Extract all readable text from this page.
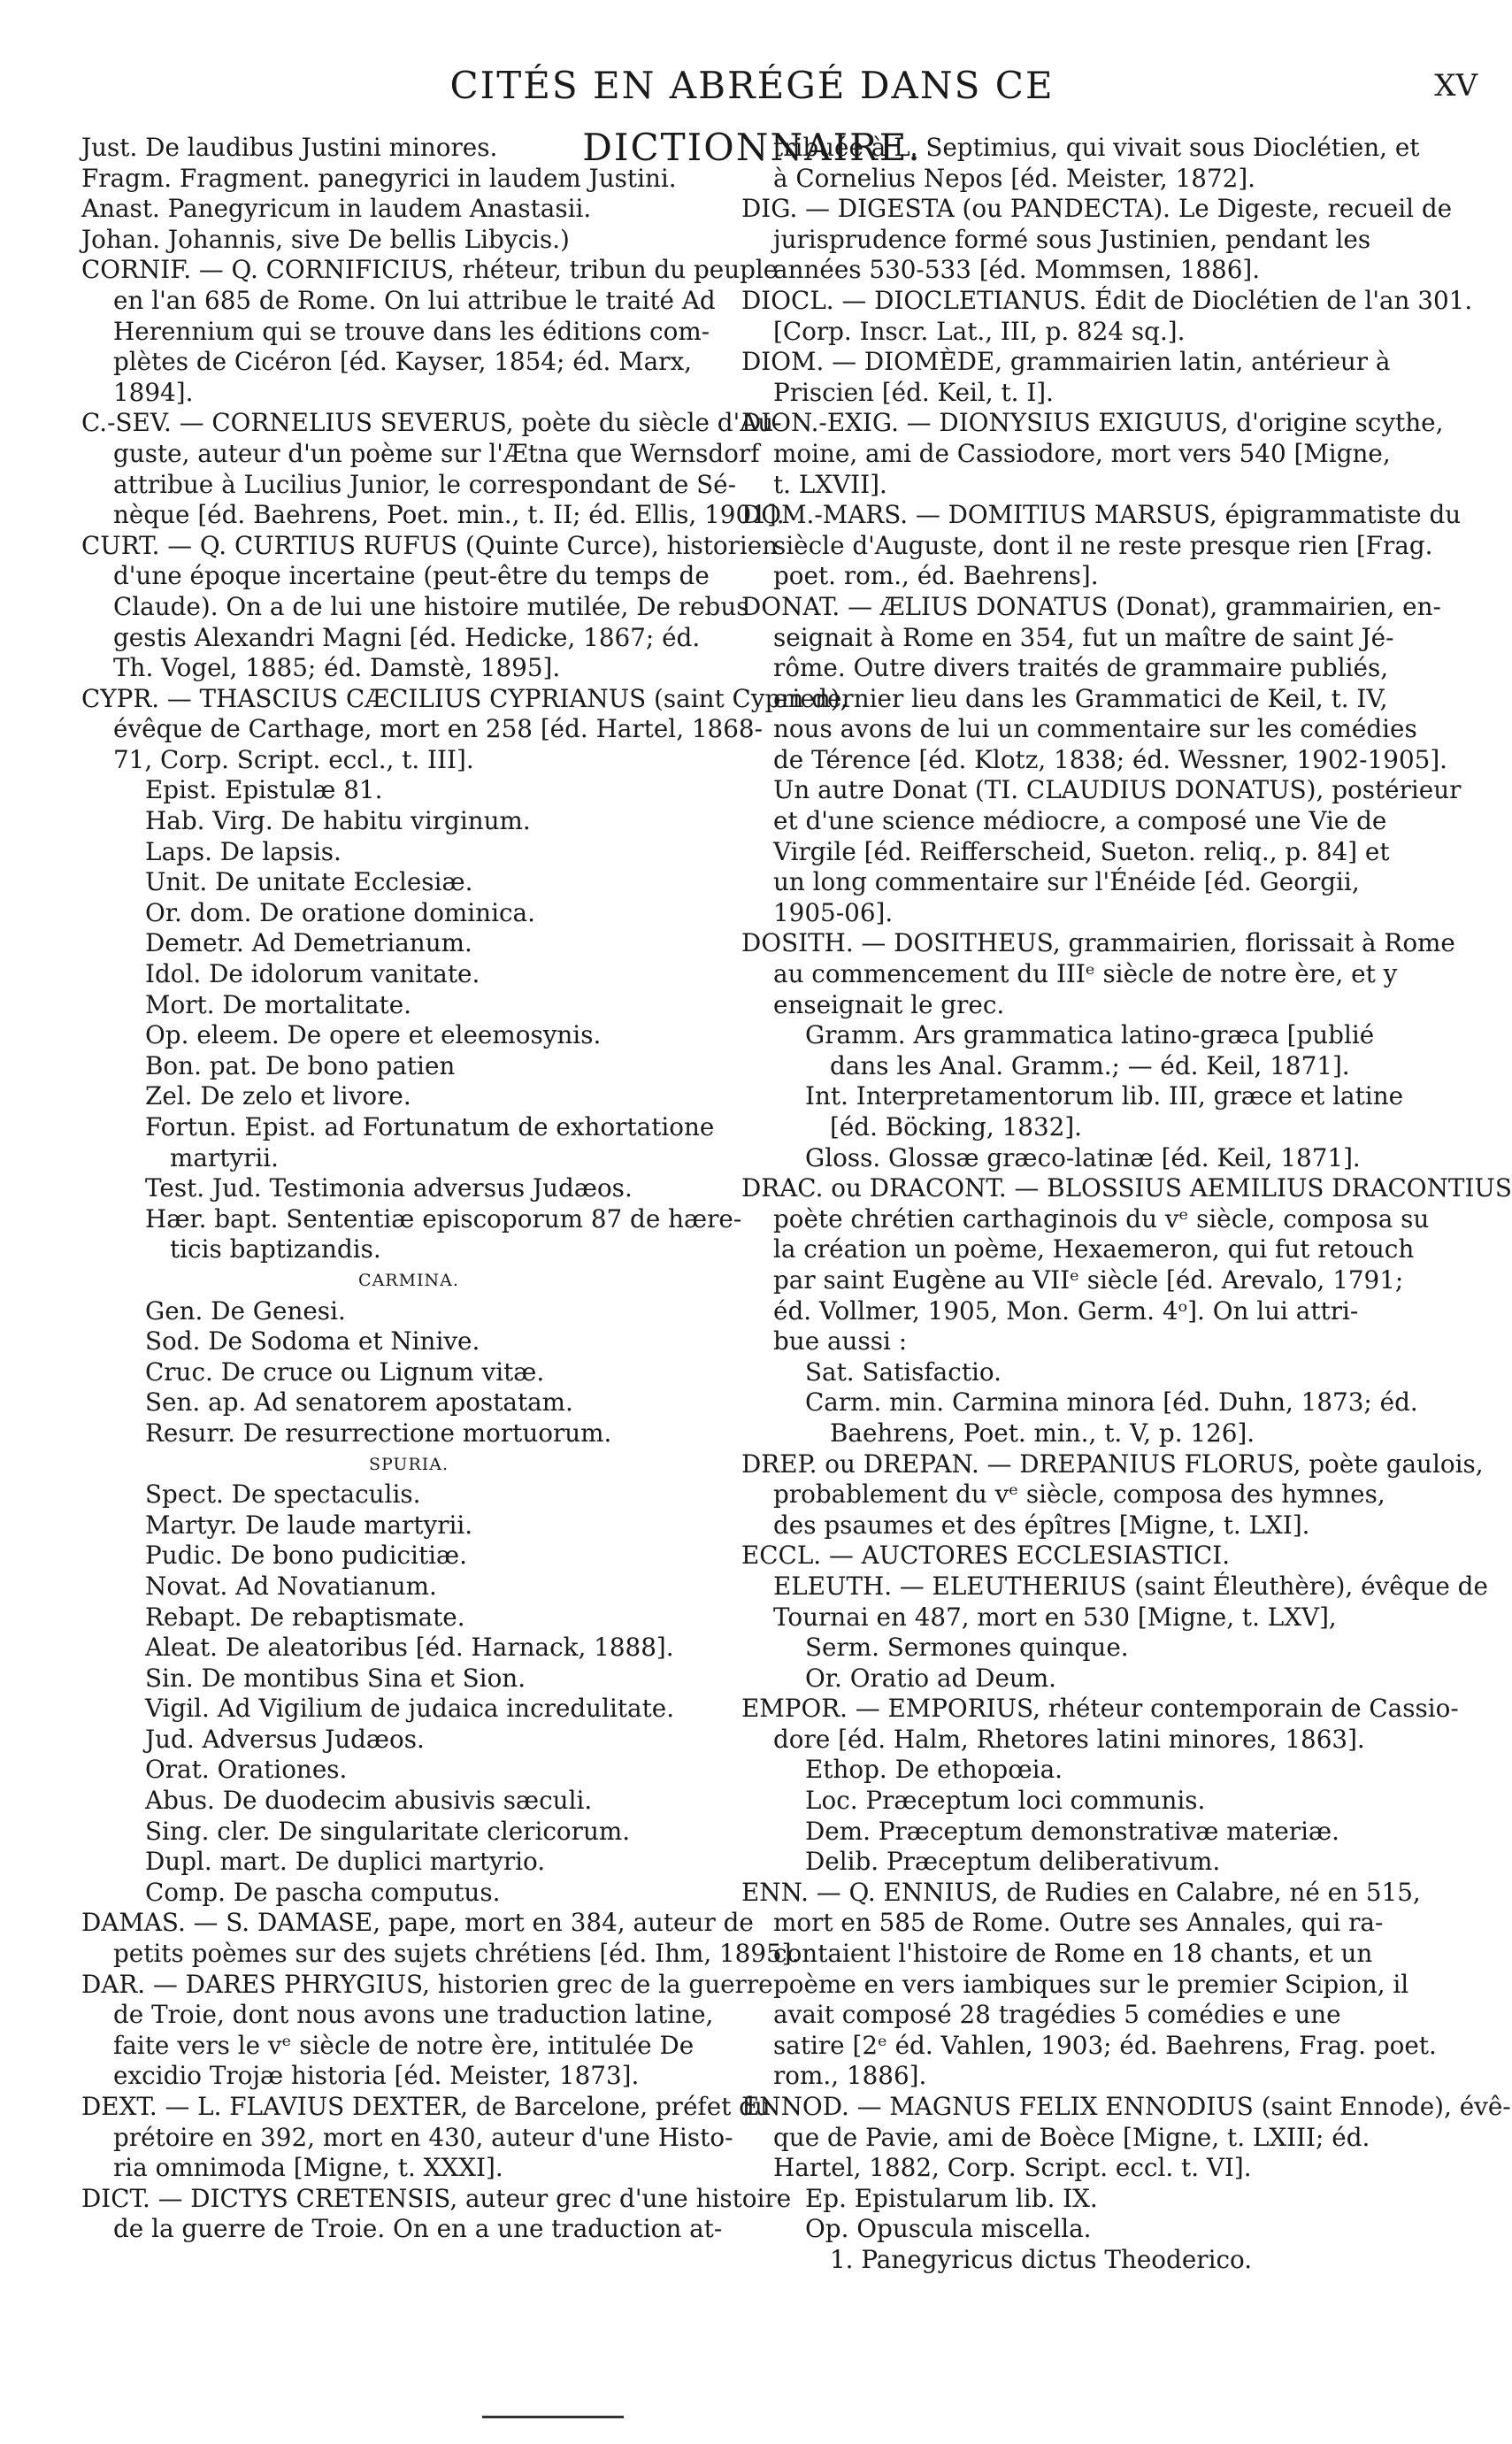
CITÉS EN ABRÉGÉ DANS CE DICTIONNAIRE.
XV
Just. De laudibus Justini minores.
Fragm. Fragment. panegyrici in laudem Justini.
Anast. Panegyricum in laudem Anastasii.
Johan. Johannis, sive De bellis Libycis.)
CORNIF. — Q. CORNIFICIUS, rhéteur, tribun du peuple
en l'an 685 de Rome. On lui attribue le traité Ad
Herennium qui se trouve dans les éditions com-
plètes de Cicéron [éd. Kayser, 1854; éd. Marx,
1894].
C.-SEV. — CORNELIUS SEVERUS, poète du siècle d'Au-
guste, auteur d'un poème sur l'Ætna que Wernsdorf
attribue à Lucilius Junior, le correspondant de Sé-
nèque [éd. Baehrens, Poet. min., t. II; éd. Ellis, 1901].
CURT. — Q. CURTIUS RUFUS (Quinte Curce), historien
d'une époque incertaine (peut-être du temps de
Claude). On a de lui une histoire mutilée, De rebus
gestis Alexandri Magni [éd. Hedicke, 1867; éd.
Th. Vogel, 1885; éd. Damstè, 1895].
CYPR. — THASCIUS CÆCILIUS CYPRIANUS (saint Cyprien),
évêque de Carthage, mort en 258 [éd. Hartel, 1868-
71, Corp. Script. eccl., t. III].
Epist. Epistulæ 81.
Hab. Virg. De habitu virginum.
Laps. De lapsis.
Unit. De unitate Ecclesiæ.
Or. dom. De oratione dominica.
Demetr. Ad Demetrianum.
Idol. De idolorum vanitate.
Mort. De mortalitate.
Op. eleem. De opere et eleemosynis.
Bon. pat. De bono patien
Zel. De zelo et livore.
Fortun. Epist. ad Fortunatum de exhortatione
martyrii.
Test. Jud. Testimonia adversus Judæos.
Hær. bapt. Sententiæ episcoporum 87 de hære-
ticis baptizandis.
CARMINA.
Gen. De Genesi.
Sod. De Sodoma et Ninive.
Cruc. De cruce ou Lignum vitæ.
Sen. ap. Ad senatorem apostatam.
Resurr. De resurrectione mortuorum.
SPURIA.
Spect. De spectaculis.
Martyr. De laude martyrii.
Pudic. De bono pudicitiæ.
Novat. Ad Novatianum.
Rebapt. De rebaptismate.
Aleat. De aleatoribus [éd. Harnack, 1888].
Sin. De montibus Sina et Sion.
Vigil. Ad Vigilium de judaica incredulitate.
Jud. Adversus Judæos.
Orat. Orationes.
Abus. De duodecim abusivis sæculi.
Sing. cler. De singularitate clericorum.
Dupl. mart. De duplici martyrio.
Comp. De pascha computus.
DAMAS. — S. DAMASE, pape, mort en 384, auteur de
petits poèmes sur des sujets chrétiens [éd. Ihm, 1895].
DAR. — DARES PHRYGIUS, historien grec de la guerre
de Troie, dont nous avons une traduction latine,
faite vers le vᵉ siècle de notre ère, intitulée De
excidio Trojæ historia [éd. Meister, 1873].
DEXT. — L. FLAVIUS DEXTER, de Barcelone, préfet du
prétoire en 392, mort en 430, auteur d'une Histo-
ria omnimoda [Migne, t. XXXI].
DICT. — DICTYS CRETENSIS, auteur grec d'une histoire
de la guerre de Troie. On en a une traduction at-
tribuée à L. Septimius, qui vivait sous Dioclétien, et
à Cornelius Nepos [éd. Meister, 1872].
DIG. — DIGESTA (ou PANDECTA). Le Digeste, recueil de
jurisprudence formé sous Justinien, pendant les
années 530-533 [éd. Mommsen, 1886].
DIOCL. — DIOCLETIANUS. Édit de Dioclétien de l'an 301.
[Corp. Inscr. Lat., III, p. 824 sq.].
DIOM. — DIOMÈDE, grammairien latin, antérieur à
Priscien [éd. Keil, t. I].
DION.-EXIG. — DIONYSIUS EXIGUUS, d'origine scythe,
moine, ami de Cassiodore, mort vers 540 [Migne,
t. LXVII].
DOM.-MARS. — DOMITIUS MARSUS, épigrammatiste du
siècle d'Auguste, dont il ne reste presque rien [Frag.
poet. rom., éd. Baehrens].
DONAT. — ÆLIUS DONATUS (Donat), grammairien, en-
seignait à Rome en 354, fut un maître de saint Jé-
rôme. Outre divers traités de grammaire publiés,
en dernier lieu dans les Grammatici de Keil, t. IV,
nous avons de lui un commentaire sur les comédies
de Térence [éd. Klotz, 1838; éd. Wessner, 1902-1905].
Un autre Donat (TI. CLAUDIUS DONATUS), postérieur
et d'une science médiocre, a composé une Vie de
Virgile [éd. Reifferscheid, Sueton. reliq., p. 84] et
un long commentaire sur l'Énéide [éd. Georgii,
1905-06].
DOSITH. — DOSITHEUS, grammairien, florissait à Rome
au commencement du IIIᵉ siècle de notre ère, et y
enseignait le grec.
Gramm. Ars grammatica latino-græca [publié
dans les Anal. Gramm.; — éd. Keil, 1871].
Int. Interpretamentorum lib. III, græce et latine
[éd. Böcking, 1832].
Gloss. Glossæ græco-latinæ [éd. Keil, 1871].
DRAC. ou DRACONT. — BLOSSIUS AEMILIUS DRACONTIUS
poète chrétien carthaginois du vᵉ siècle, composa su
la création un poème, Hexaemeron, qui fut retouch
par saint Eugène au VIIᵉ siècle [éd. Arevalo, 1791;
éd. Vollmer, 1905, Mon. Germ. 4ᵒ]. On lui attri-
bue aussi :
Sat. Satisfactio.
Carm. min. Carmina minora [éd. Duhn, 1873; éd.
Baehrens, Poet. min., t. V, p. 126].
DREP. ou DREPAN. — DREPANIUS FLORUS, poète gaulois,
probablement du vᵉ siècle, composa des hymnes,
des psaumes et des épîtres [Migne, t. LXI].
ECCL. — AUCTORES ECCLESIASTICI.
ELEUTH. — ELEUTHERIUS (saint Éleuthère), évêque de
Tournai en 487, mort en 530 [Migne, t. LXV],
Serm. Sermones quinque.
Or. Oratio ad Deum.
EMPOR. — EMPORIUS, rhéteur contemporain de Cassio-
dore [éd. Halm, Rhetores latini minores, 1863].
Ethop. De ethopœia.
Loc. Præceptum loci communis.
Dem. Præceptum demonstrativæ materiæ.
Delib. Præceptum deliberativum.
ENN. — Q. ENNIUS, de Rudies en Calabre, né en 515,
mort en 585 de Rome. Outre ses Annales, qui ra-
contaient l'histoire de Rome en 18 chants, et un
poème en vers iambiques sur le premier Scipion, il
avait composé 28 tragédies 5 comédies e une
satire [2ᵉ éd. Vahlen, 1903; éd. Baehrens, Frag. poet.
rom., 1886].
ENNOD. — MAGNUS FELIX ENNODIUS (saint Ennode), évê-
que de Pavie, ami de Boèce [Migne, t. LXIII; éd.
Hartel, 1882, Corp. Script. eccl. t. VI].
Ep. Epistularum lib. IX.
Op. Opuscula miscella.
1. Panegyricus dictus Theoderico.
